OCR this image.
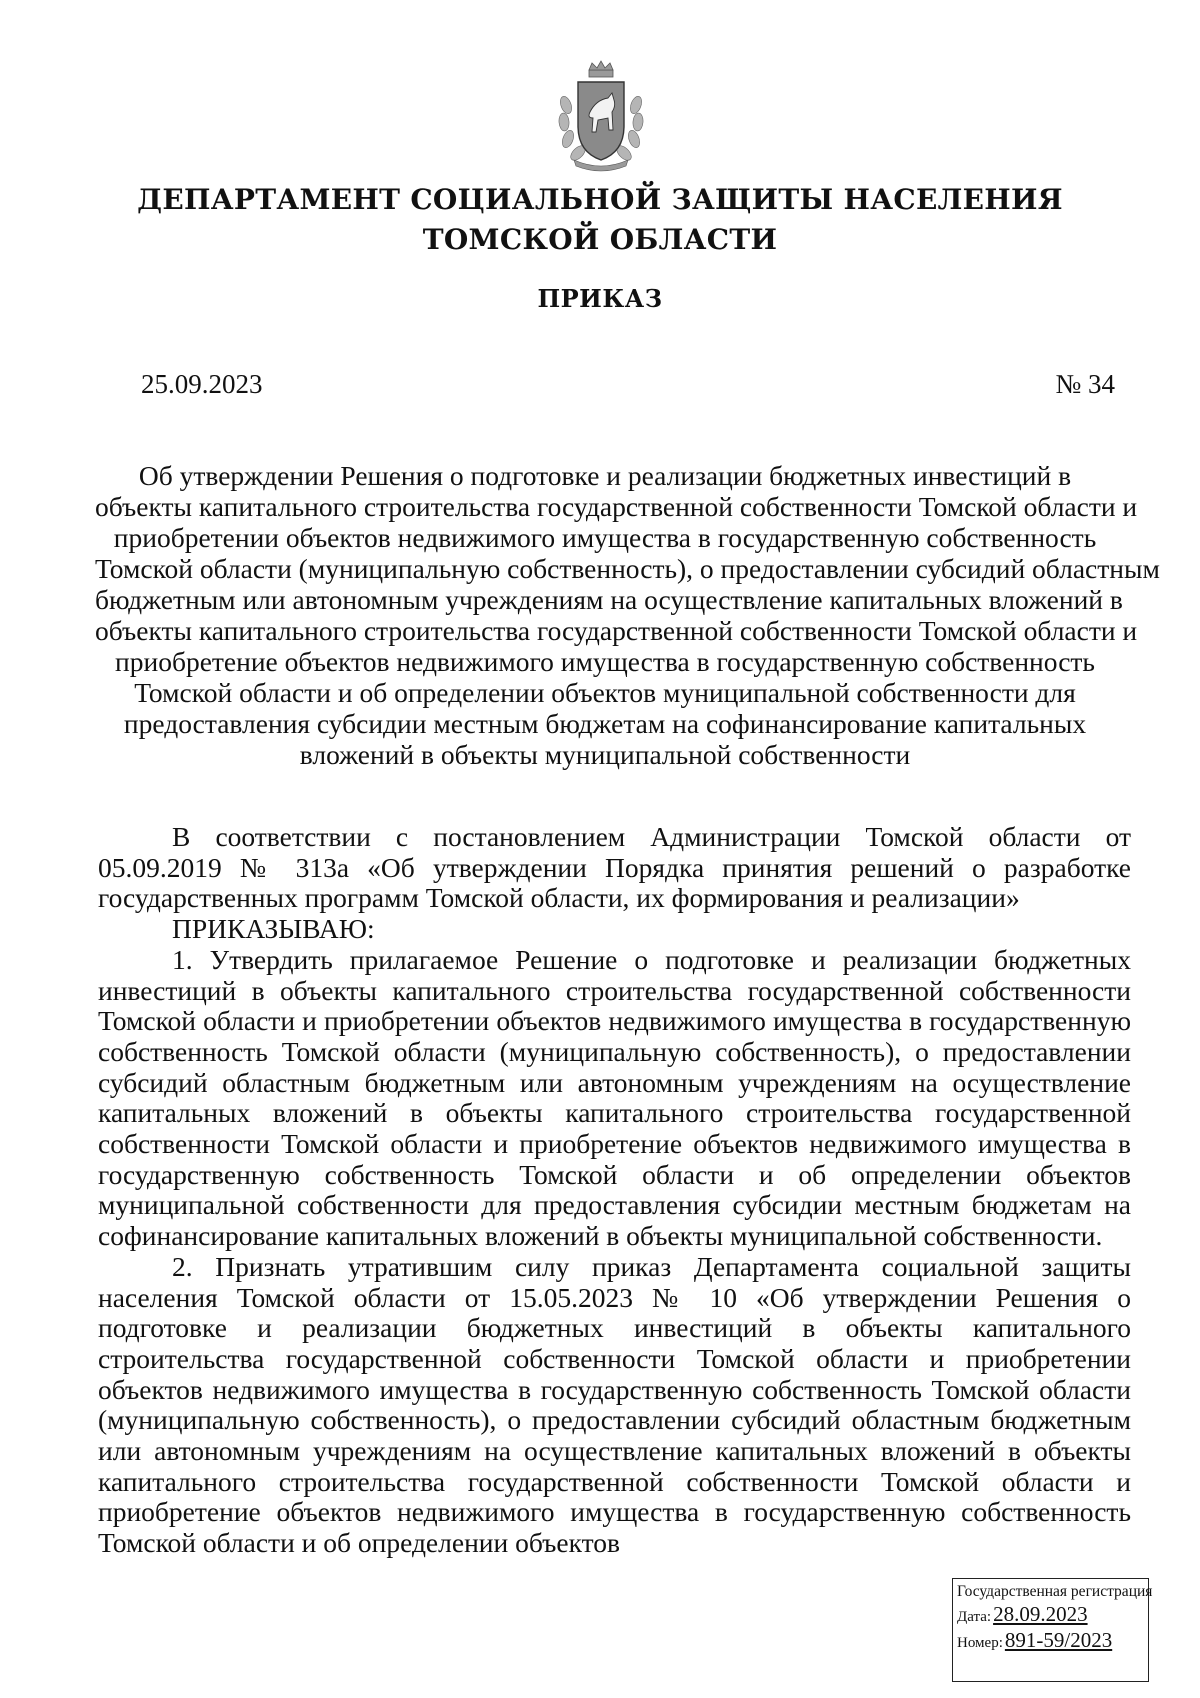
ДЕПАРТАМЕНТ СОЦИАЛЬНОЙ ЗАЩИТЫ НАСЕЛЕНИЯ
ТОМСКОЙ ОБЛАСТИ
ПРИКАЗ
25.09.2023	№ 34
Об утверждении Решения о подготовке и реализации бюджетных инвестиций в
объекты капитального строительства государственной собственности Томской области и
приобретении объектов недвижимого имущества в государственную собственность
Томской области (муниципальную собственность), о предоставлении субсидий областным
бюджетным или автономным учреждениям на осуществление капитальных вложений в
объекты капитального строительства государственной собственности Томской области и
приобретение объектов недвижимого имущества в государственную собственность
Томской области и об определении объектов муниципальной собственности для
предоставления субсидии местным бюджетам на софинансирование капитальных
вложений в объекты муниципальной собственности

В соответствии с постановлением Администрации Томской области от 05.09.2019 № 313а «Об утверждении Порядка принятия решений о разработке государственных программ Томской области, их формирования и реализации»

ПРИКАЗЫВАЮ:

1. Утвердить прилагаемое Решение о подготовке и реализации бюджетных инвестиций в объекты капитального строительства государственной собственности Томской области и приобретении объектов недвижимого имущества в государственную собственность Томской области (муниципальную собственность), о предоставлении субсидий областным бюджетным или автономным учреждениям на осуществление капитальных вложений в объекты капитального строительства государственной собственности Томской области и приобретение объектов недвижимого имущества в государственную собственность Томской области и об определении объектов муниципальной собственности для предоставления субсидии местным бюджетам на софинансирование капитальных вложений в объекты муниципальной собственности.

2. Признать утратившим силу приказ Департамента социальной защиты населения Томской области от 15.05.2023 № 10 «Об утверждении Решения о подготовке и реализации бюджетных инвестиций в объекты капитального строительства государственной собственности Томской области и приобретении объектов недвижимого имущества в государственную собственность Томской области (муниципальную собственность), о предоставлении субсидий областным бюджетным или автономным учреждениям на осуществление капитальных вложений в объекты капитального строительства государственной собственности Томской области и приобретение объектов недвижимого имущества в государственную собственность Томской области и об определении объектов

Государственная регистрация
Дата:28.09.2023
Номер:891-59/2023
